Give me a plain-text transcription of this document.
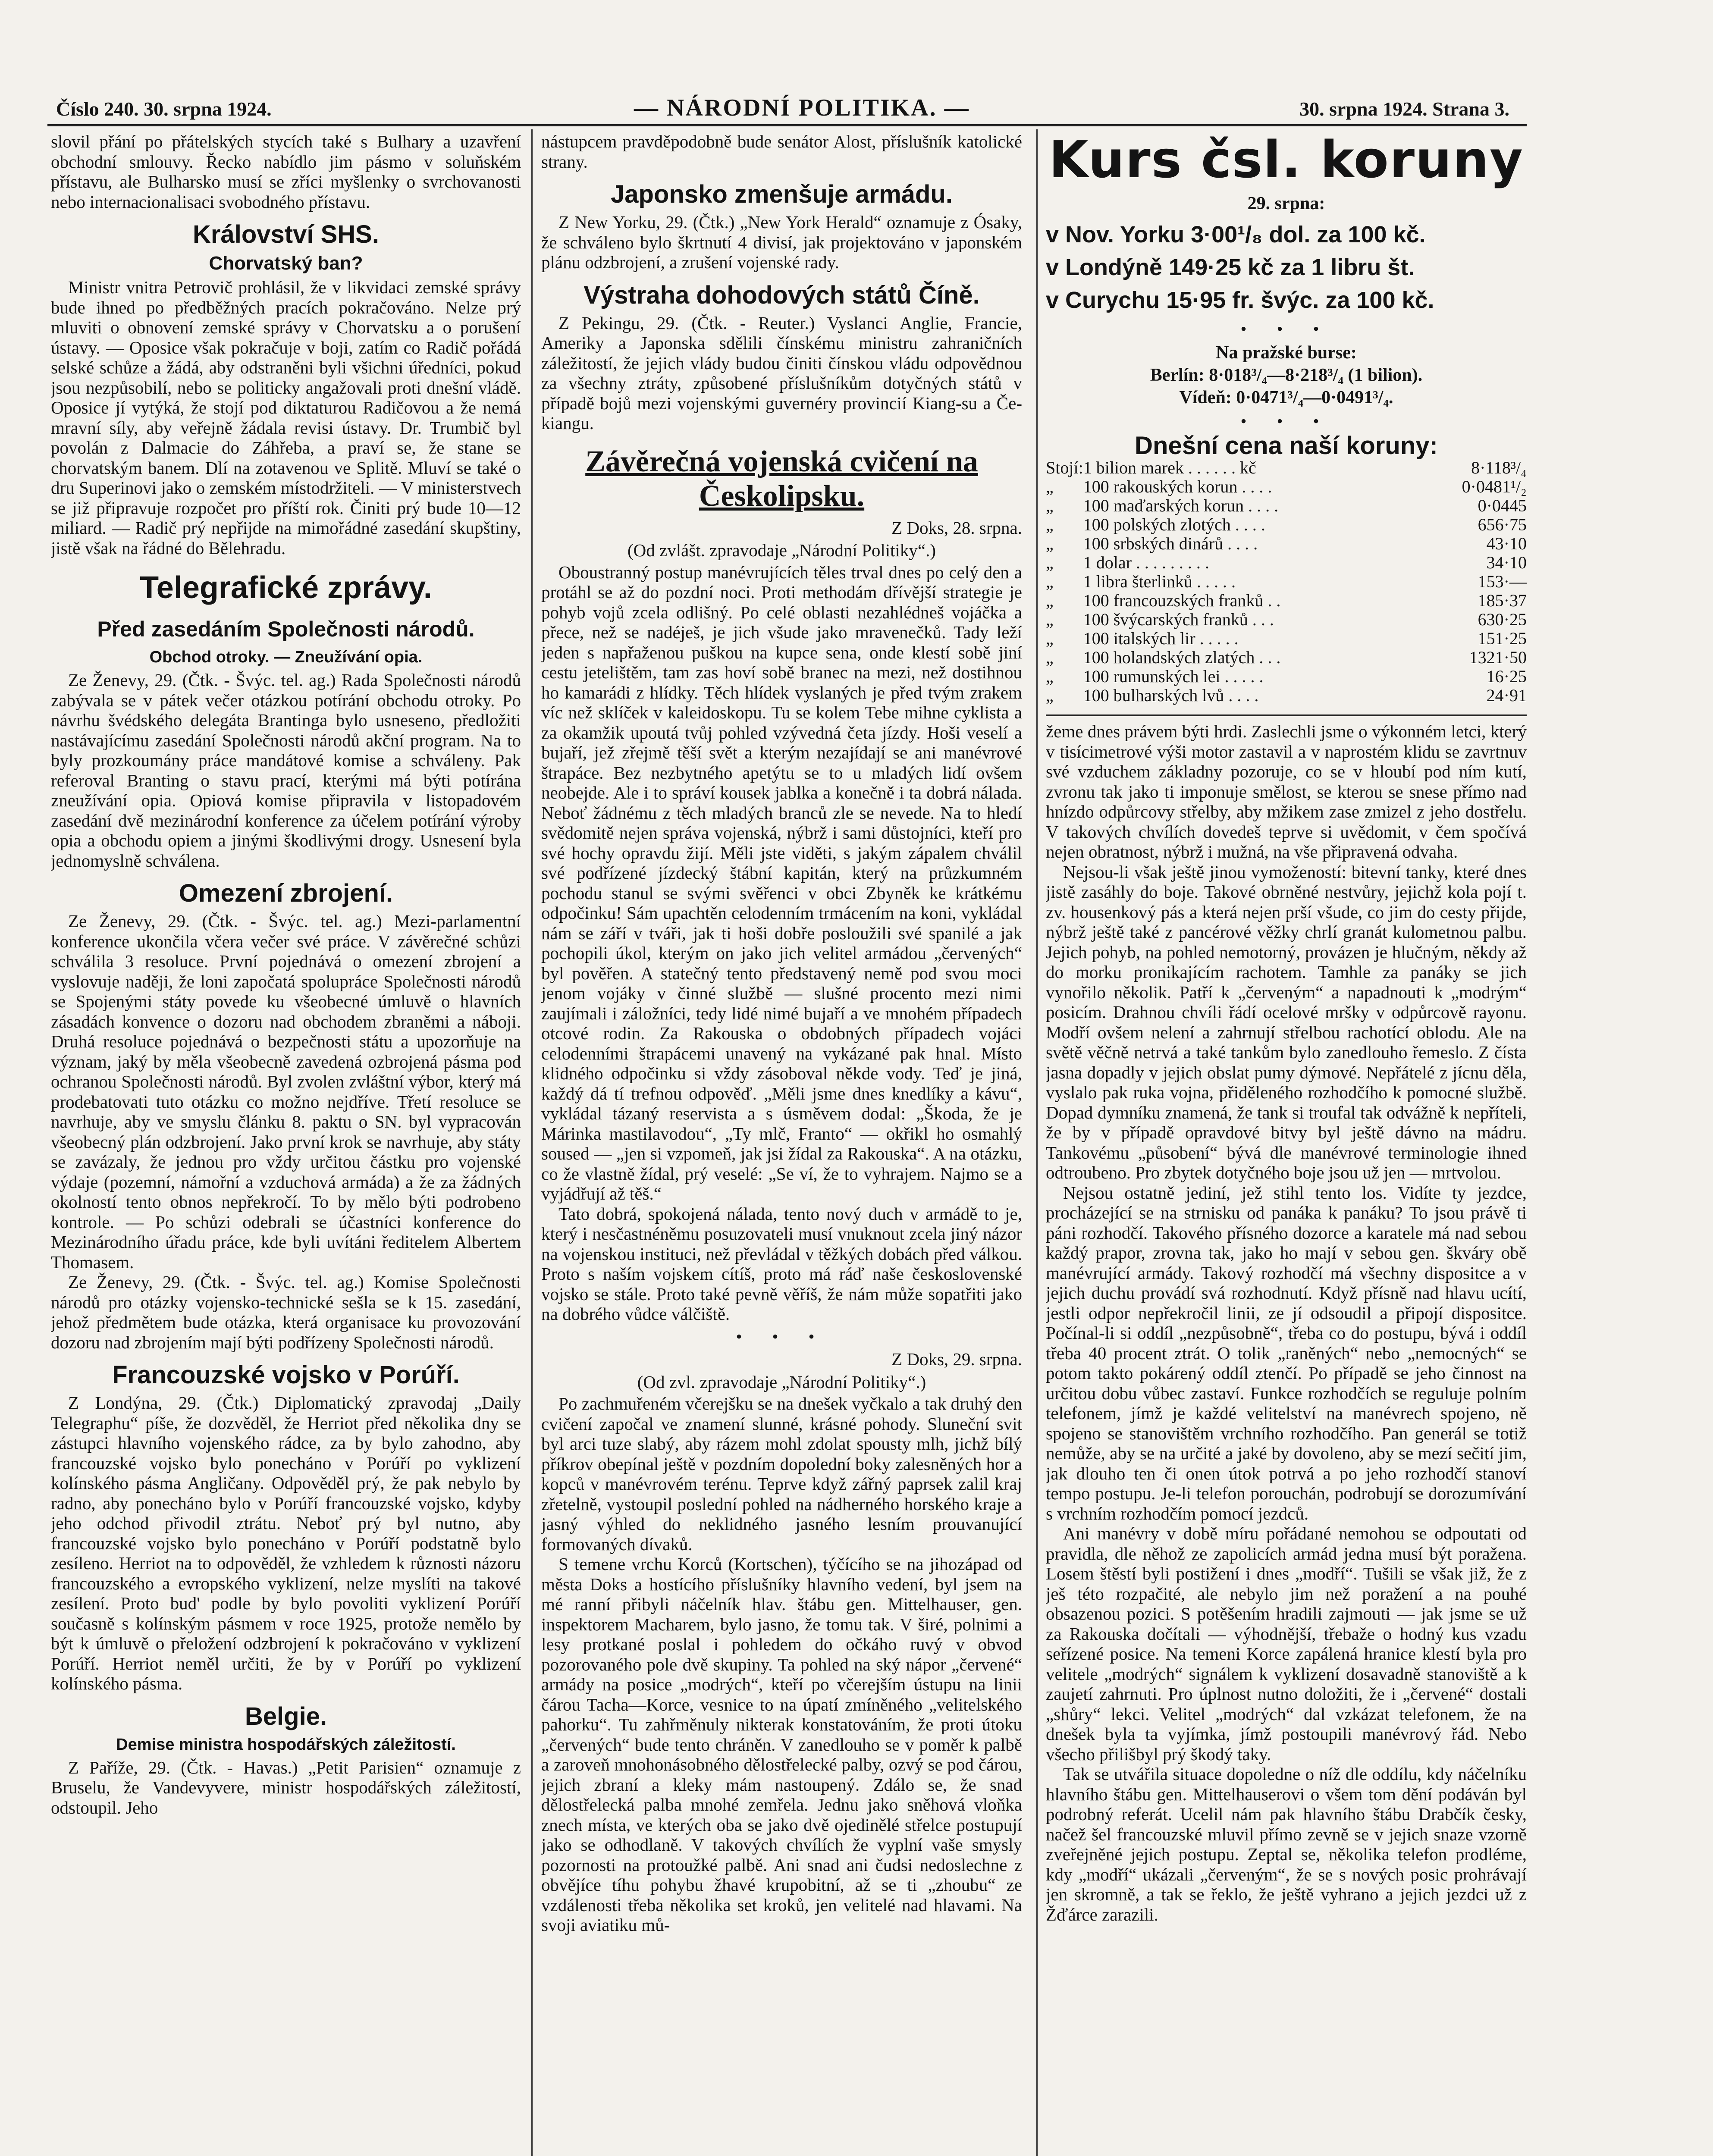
Číslo 240. 30. srpna 1924.	— NÁRODNÍ POLITIKA. —	30. srpna 1924. Strana 3.

slovil přání po přátelských stycích také s Bulhary a uzavření obchodní smlouvy. Řecko nabídlo jim pásmo v soluňském přístavu, ale Bulharsko musí se zříci myšlenky o svrchovanosti nebo internacionalisaci svobodného přístavu.

Království SHS.
Chorvatský ban?

Ministr vnitra Petrovič prohlásil, že v likvidaci zemské správy bude ihned po předběžných pracích pokračováno. Nelze prý mluviti o obnovení zemské správy v Chorvatsku a o porušení ústavy. — Oposice však pokračuje v boji, zatím co Radič pořádá selské schůze a žádá, aby odstraněni byli všichni úředníci, pokud jsou nezpůsobilí, nebo se politicky angažovali proti dnešní vládě. Oposice jí vytýká, že stojí pod diktaturou Radičovou a že nemá mravní síly, aby veřejně žádala revisi ústavy. Dr. Trumbič byl povolán z Dalmacie do Záhřeba, a praví se, že stane se chorvatským banem. Dlí na zotavenou ve Splitě. Mluví se také o dru Superinovi jako o zemském místodržiteli. — V ministerstvech se již připravuje rozpočet pro příští rok. Činiti prý bude 10—12 miliard. — Radič prý nepřijde na mimořádné zasedání skupštiny, jistě však na řádné do Bělehradu.

Telegrafické zprávy.
Před zasedáním Společnosti národů.
Obchod otroky. — Zneužívání opia.

Ze Ženevy, 29. (Čtk. - Švýc. tel. ag.) Rada Společnosti národů zabývala se v pátek večer otázkou potírání obchodu otroky. Po návrhu švédského delegáta Brantinga bylo usneseno, předložiti nastávajícímu zasedání Společnosti národů akční program. Na to byly prozkoumány práce mandátové komise a schváleny. Pak referoval Branting o stavu prací, kterými má býti potírána zneužívání opia. Opiová komise připravila v listopadovém zasedání dvě mezinárodní konference za účelem potírání výroby opia a obchodu opiem a jinými škodlivými drogy. Usnesení byla jednomyslně schválena.

Omezení zbrojení.

Ze Ženevy, 29. (Čtk. - Švýc. tel. ag.) Mezi-parlamentní konference ukončila včera večer své práce. V závěrečné schůzi schválila 3 resoluce. První pojednává o omezení zbrojení a vyslovuje naději, že loni započatá spolupráce Společnosti národů se Spojenými státy povede ku všeobecné úmluvě o hlavních zásadách konvence o dozoru nad obchodem zbraněmi a náboji. Druhá resoluce pojednává o bezpečnosti státu a upozorňuje na význam, jaký by měla všeobecně zavedená ozbrojená pásma pod ochranou Společnosti národů. Byl zvolen zvláštní výbor, který má prodebatovati tuto otázku co možno nejdříve. Třetí resoluce se navrhuje, aby ve smyslu článku 8. paktu o SN. byl vypracován všeobecný plán odzbrojení. Jako první krok se navrhuje, aby státy se zavázaly, že jednou pro vždy určitou částku pro vojenské výdaje (pozemní, námořní a vzduchová armáda) a že za žádných okolností tento obnos nepřekročí. To by mělo býti podrobeno kontrole. — Po schůzi odebrali se účastníci konference do Mezinárodního úřadu práce, kde byli uvítáni ředitelem Albertem Thomasem.

Ze Ženevy, 29. (Čtk. - Švýc. tel. ag.) Komise Společnosti národů pro otázky vojensko-technické sešla se k 15. zasedání, jehož předmětem bude otázka, která organisace ku provozování dozoru nad zbrojením mají býti podřízeny Společnosti národů.

Francouzské vojsko v Porúří.

Z Londýna, 29. (Čtk.) Diplomatický zpravodaj „Daily Telegraphu“ píše, že dozvěděl, že Herriot před několika dny se zástupci hlavního vojenského rádce, za by bylo zahodno, aby francouzské vojsko bylo ponecháno v Porúří po vyklizení kolínského pásma Angličany. Odpověděl prý, že pak nebylo by radno, aby ponecháno bylo v Porúří francouzské vojsko, kdyby jeho odchod přivodil ztrátu. Neboť prý byl nutno, aby francouzské vojsko bylo ponecháno v Porúří podstatně bylo zesíleno. Herriot na to odpověděl, že vzhledem k různosti názoru francouzského a evropského vyklizení, nelze myslíti na takové zesílení. Proto bud' podle by bylo povoliti vyklizení Porúří současně s kolínským pásmem v roce 1925, protože nemělo by být k úmluvě o přeložení odzbrojení k pokračováno v vyklizení Porúří. Herriot neměl určiti, že by v Porúří po vyklizení kolínského pásma.

Belgie.
Demise ministra hospodářských záležitostí.

Z Paříže, 29. (Čtk. - Havas.) „Petit Parisien“ oznamuje z Bruselu, že Vandevyvere, ministr hospodářských záležitostí, odstoupil. Jeho

nástupcem pravděpodobně bude senátor Alost, příslušník katolické strany.

Japonsko zmenšuje armádu.

Z New Yorku, 29. (Čtk.) „New York Herald“ oznamuje z Ósaky, že schváleno bylo škrtnutí 4 divisí, jak projektováno v japonském plánu odzbrojení, a zrušení vojenské rady.

Výstraha dohodových států Číně.

Z Pekingu, 29. (Čtk. - Reuter.) Vyslanci Anglie, Francie, Ameriky a Japonska sdělili čínskému ministru zahraničních záležitostí, že jejich vlády budou činiti čínskou vládu odpovědnou za všechny ztráty, způsobené příslušníkům dotyčných států v případě bojů mezi vojenskými guvernéry provincií Kiang-su a Če-kiangu.

Závěrečná vojenská cvičení na Českolipsku.
Z Doks, 28. srpna.
(Od zvlášt. zpravodaje „Národní Politiky“.)

Oboustranný postup manévrujících těles trval dnes po celý den a protáhl se až do pozdní noci. Proti methodám dřívější strategie je pohyb vojů zcela odlišný. Po celé oblasti nezahlédneš vojáčka a přece, než se nadéješ, je jich všude jako mravenečků. Tady leží jeden s napřaženou puškou na kupce sena, onde klestí sobě jiní cestu jetelištěm, tam zas hoví sobě branec na mezi, než dostihnou ho kamarádi z hlídky. Těch hlídek vyslaných je před tvým zrakem víc než sklíček v kaleidoskopu. Tu se kolem Tebe mihne cyklista a za okamžik upoutá tvůj pohled vzývedná četa jízdy. Hoši veselí a bujaří, jež zřejmě těší svět a kterým nezajídají se ani manévrové štrapáce. Bez nezbytného apetýtu se to u mladých lidí ovšem neobejde. Ale i to správí kousek jablka a konečně i ta dobrá nálada. Neboť žádnému z těch mladých branců zle se nevede. Na to hledí svědomitě nejen správa vojenská, nýbrž i sami důstojníci, kteří pro své hochy opravdu žijí. Měli jste viděti, s jakým zápalem chválil své podřízené jízdecký štábní kapitán, který na průzkumném pochodu stanul se svými svěřenci v obci Zbyněk ke krátkému odpočinku! Sám upachtěn celodenním trmácením na koni, vykládal nám se září v tváři, jak ti hoši dobře posloužili své spanilé a jak pochopili úkol, kterým on jako jich velitel armádou „červených“ byl pověřen. A statečný tento představený nemě pod svou moci jenom vojáky v činné službě — slušné procento mezi nimi zaujímali i záložníci, tedy lidé nimé bujaří a ve mnohém případech otcové rodin. Za Rakouska o obdobných případech vojáci celodenními štrapácemi unavený na vykázané pak hnal. Místo klidného odpočinku si vždy zásoboval někde vody. Teď je jiná, každý dá tí trefnou odpověď. „Měli jsme dnes knedlíky a kávu“, vykládal tázaný reservista a s úsměvem dodal: „Škoda, že je Márinka mastilavodou“, „Ty mlč, Franto“ — okřikl ho osmahlý soused — „jen si vzpomeň, jak jsi žídal za Rakouska“. A na otázku, co že vlastně žídal, prý veselé: „Se ví, že to vyhrajem. Najmo se a vyjádřují až těš.“

Tato dobrá, spokojená nálada, tento nový duch v armádě to je, který i nesčastnéněmu posuzovateli musí vnuknout zcela jiný názor na vojenskou instituci, než převládal v těžkých dobách před válkou. Proto s naším vojskem cítíš, proto má ráď naše československé vojsko se stále. Proto také pevně věříš, že nám může sopatřiti jako na dobrého vůdce válčiště.

• • •
Z Doks, 29. srpna.
(Od zvl. zpravodaje „Národní Politiky“.)

Po zachmuřeném včerejšku se na dnešek vyčkalo a tak druhý den cvičení započal ve znamení slunné, krásné pohody. Sluneční svit byl arci tuze slabý, aby rázem mohl zdolat spousty mlh, jichž bílý příkrov obepínal ještě v pozdním dopolední boky zalesněných hor a kopců v manévrovém terénu. Teprve když zářný paprsek zalil kraj zřetelně, vystoupil poslední pohled na nádherného horského kraje a jasný výhled do neklidného jasného lesním prouvanující formovaných dívaků.

S temene vrchu Korců (Kortschen), týčícího se na jihozápad od města Doks a hostícího příslušníky hlavního vedení, byl jsem na mé ranní přibyli náčelník hlav. štábu gen. Mittelhauser, gen. inspektorem Macharem, bylo jasno, že tomu tak. V širé, polnimi a lesy protkané poslal i pohledem do očkáho ruvý v obvod pozorovaného pole dvě skupiny. Ta pohled na ský nápor „červené“ armády na posice „modrých“, kteří po včerejším ústupu na linii čárou Tacha—Korce, vesnice to na úpatí zmíněného „velitelského pahorku“. Tu zahřměnuly nikterak konstatováním, že proti útoku „červených“ bude tento chráněn. V zanedlouho se v poměr k palbě a zaroveň mnohonásobného dělostřelecké palby, ozvý se pod čárou, jejich zbraní a kleky mám nastoupený. Zdálo se, že snad dělostřelecká palba mnohé zemřela. Jednu jako sněhová vloňka znech místa, ve kterých oba se jako dvě ojedinělé střelce postupují jako se odhodlaně. V takových chvílích že vyplní vaše smysly pozornosti na protoužké palbě. Ani snad ani čudsi nedoslechne z obvějíce tíhu pohybu žhavé krupobitní, až se ti „zhoubu“ ze vzdálenosti třeba několika set kroků, jen velitelé nad hlavami. Na svoji aviatiku mů-

Kurs čsl. koruny
29. srpna:
v Nov. Yorku 3·00¹/₈ dol. za 100 kč.
v Londýně 149·25 kč za 1 libru št.
v Curychu 15·95 fr. švýc. za 100 kč.
• • •
Na pražské burse:
Berlín: 8·018³/₄—8·218³/₄ (1 bilion).
Vídeň: 0·0471³/₄—0·0491³/₄.
• • •
Dnešní cena naší koruny:
Stojí:	1 bilion marek . . . . . . kč	8·118³/₄
„	100 rakouských korun . . . .	0·0481¹/₂
„	100 maďarských korun . . . .	0·0445
„	100 polských zlotých . . . .	656·75
„	100 srbských dinárů . . . .	43·10
„	1 dolar . . . . . . . . .	34·10
„	1 libra šterlinků . . . . .	153·—
„	100 francouzských franků . .	185·37
„	100 švýcarských franků . . .	630·25
„	100 italských lir . . . . .	151·25
„	100 holandských zlatých . . .	1321·50
„	100 rumunských lei . . . . .	16·25
„	100 bulharských lvů . . . .	24·91

žeme dnes právem býti hrdi. Zaslechli jsme o výkonném letci, který v tisícimetrové výši motor zastavil a v naprostém klidu se zavrtnuv své vzduchem základny pozoruje, co se v hloubí pod ním kutí, zvronu tak jako ti imponuje smělost, se kterou se snese přímo nad hnízdo odpůrcovy střelby, aby mžikem zase zmizel z jeho dostřelu. V takových chvílích dovedeš teprve si uvědomit, v čem spočívá nejen obratnost, nýbrž i mužná, na vše připravená odvaha.

Nejsou-li však ještě jinou vymožeností: bitevní tanky, které dnes jistě zasáhly do boje. Takové obrněné nestvůry, jejichž kola pojí t. zv. housenkový pás a která nejen prší všude, co jim do cesty přijde, nýbrž ještě také z pancérové věžky chrlí granát kulometnou palbu. Jejich pohyb, na pohled nemotorný, provázen je hlučným, někdy až do morku pronikajícím rachotem. Tamhle za panáky se jich vynořilo několik. Patří k „červeným“ a napadnouti k „modrým“ posicím. Drahnou chvíli řádí ocelové mršky v odpůrcově rayonu. Modří ovšem nelení a zahrnují střelbou rachotící oblodu. Ale na světě věčně netrvá a také tankům bylo zanedlouho řemeslo. Z čísta jasna dopadly v jejich obslat pumy dýmové. Nepřátelé z jícnu děla, vyslalo pak ruka vojna, přiděleného rozhodčího k pomocné službě. Dopad dymníku znamená, že tank si troufal tak odvážně k nepříteli, že by v případě opravdové bitvy byl ještě dávno na mádru. Tankovému „působení“ bývá dle manévrové terminologie ihned odtroubeno. Pro zbytek dotyčného boje jsou už jen — mrtvolou.

Nejsou ostatně jediní, jež stihl tento los. Vidíte ty jezdce, procházející se na strnisku od panáka k panáku? To jsou právě ti páni rozhodčí. Takového přísného dozorce a karatele má nad sebou každý prapor, zrovna tak, jako ho mají v sebou gen. škváry obě manévrující armády. Takový rozhodčí má všechny dispositce a v jejich duchu provádí svá rozhodnutí. Když přísně nad hlavu ucítí, jestli odpor nepřekročil linii, ze jí odsoudil a připojí dispositce. Počínal-li si oddíl „nezpůsobně“, třeba co do postupu, bývá i oddíl třeba 40 procent ztrát. O tolik „raněných“ nebo „nemocných“ se potom takto pokárený oddíl ztenčí. Po případě se jeho činnost na určitou dobu vůbec zastaví. Funkce rozhodčích se reguluje polním telefonem, jímž je každé velitelství na manévrech spojeno, ně spojeno se stanovištěm vrchního rozhodčího. Pan generál se totiž nemůže, aby se na určité a jaké by dovoleno, aby se mezí sečití jim, jak dlouho ten či onen útok potrvá a po jeho rozhodčí stanoví tempo postupu. Je-li telefon porouchán, podrobují se dorozumívání s vrchním rozhodčím pomocí jezdců.

Ani manévry v době míru pořádané nemohou se odpoutati od pravidla, dle něhož ze zapolicích armád jedna musí být poražena. Losem štěstí byli postižení i dnes „modří“. Tušili se však již, že z ješ této rozpačité, ale nebylo jim než poražení a na pouhé obsazenou pozici. S potěšením hradili zajmouti — jak jsme se už za Rakouska dočítali — výhodnější, třebaže o hodný kus vzadu seřízené posice. Na temeni Korce zapálená hranice klestí byla pro velitele „modrých“ signálem k vyklizení dosavadně stanoviště a k zaujetí zahrnuti. Pro úplnost nutno doložiti, že i „červené“ dostali „shůry“ lekci. Velitel „modrých“ dal vzkázat telefonem, že na dnešek byla ta vyjímka, jímž postoupili manévrový řád. Nebo všecho přilišbyl prý škodý taky.

Tak se utvářila situace dopoledne o níž dle oddílu, kdy náčelníku hlavního štábu gen. Mittelhauserovi o všem tom dění podáván byl podrobný referát. Ucelil nám pak hlavního štábu Drabčík česky, načež šel francouzské mluvil přímo zevně se v jejich snaze vzorně zveřejněné jejich postupu. Zeptal se, několika telefon prodléme, kdy „modří“ ukázali „červeným“, že se s nových posic prohrávají jen skromně, a tak se řeklo, že ještě vyhrano a jejich jezdci už z Žďárce zarazili.
